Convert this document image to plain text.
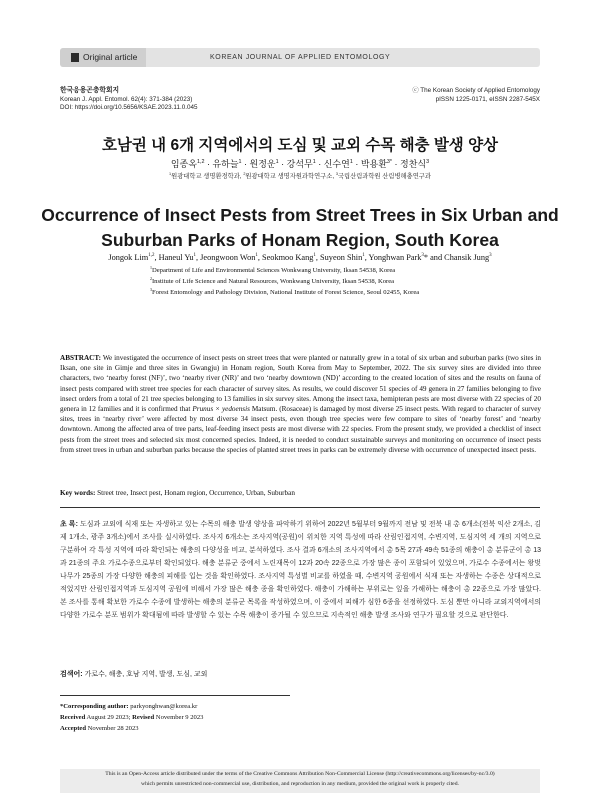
Original article	KOREAN JOURNAL OF APPLIED ENTOMOLOGY
한국응용곤충학회지
Korean J. Appl. Entomol. 62(4): 371-384 (2023)
DOI: https://doi.org/10.5656/KSAE.2023.11.0.045
ⓒ The Korean Society of Applied Entomology
pISSN 1225-0171, eISSN 2287-545X
호남권 내 6개 지역에서의 도심 및 교외 수목 해충 발생 양상
임종옥$^{1,2}$ · 유하늘$^1$ · 원정운$^1$ · 강석무$^1$ · 신수연$^1$ · 박용환$^{3*}$ · 정찬식$^3$
$^1$원광대학교 생명환경학과, $^2$원광대학교 생명자원과학연구소, $^3$국립산림과학원 산림병해충연구과
Occurrence of Insect Pests from Street Trees in Six Urban and
Suburban Parks of Honam Region, South Korea
Jongok Lim$^{1,2}$, Haneul Yu$^1$, Jeongwoon Won$^1$, Seokmoo Kang$^1$, Suyeon Shin$^1$, Yonghwan Park$^3$* and Chansik Jung$^3$
$^1$Department of Life and Environmental Sciences Wonkwang University, Iksan 54538, Korea
$^2$Institute of Life Science and Natural Resources, Wonkwang University, Iksan 54538, Korea
$^3$Forest Entomology and Pathology Division, National Institute of Forest Science, Seoul 02455, Korea
ABSTRACT: We investigated the occurrence of insect pests on street trees that were planted or naturally grew in a total of six urban and suburban parks (two sites in Iksan, one site in Gimje and three sites in Gwangju) in Honam region, South Korea from May to September, 2022. The six survey sites are divided into three characters, two ‘nearby forest (NF)’, two ‘nearby river (NR)’ and two ‘nearby downtown (ND)’ according to the created location of sites and the results on fauna of insect pests compared with street tree species for each character of survey sites. As results, we could discover 51 species of 49 genera in 27 families belonging to five insect orders from a total of 21 tree species belonging to 13 families in six survey sites. Among the insect taxa, hemipteran pests are most diverse with 22 species of 20 genera in 12 families and it is confirmed that Prunus × yedoensis Matsum. (Rosaceae) is damaged by most diverse 25 insect pests. With regard to character of survey sites, trees in ‘nearby river’ were affected by most diverse 34 insect pests, even though tree species were few compare to sites of ‘nearby forest’ and ‘nearby downtown. Among the affected area of tree parts, leaf-feeding insect pests are most diverse with 22 species. From the present study, we provided a checklist of insect pests from the street trees and selected six most concerned species. Indeed, it is needed to conduct sustainable surveys and monitoring on occurrence of insect pests from street trees in urban and suburban parks because the species of planted street trees in parks can be extremely diverse with occurrence of unexpected insect pests.
Key words: Street tree, Insect pest, Honam region, Occurrence, Urban, Suburban
초 록: 도심과 교외에 식재 또는 자생하고 있는 수목의 해충 발생 양상을 파악하기 위하여 2022년 5월부터 9월까지 전남 및 전북 내 총 6개소(전북 익산 2개소, 김제 1개소, 광주 3개소)에서 조사를 실시하였다. 조사지 6개소는 조사지역(공원)이 위치한 지역 특성에 따라 산림인접지역, 수변지역, 도심지역 세 개의 지역으로 구분하여 각 특성 지역에 따라 확인되는 해충의 다양성을 비교, 분석하였다. 조사 결과 6개소의 조사지역에서 총 5목 27과 49속 51종의 해충이 총 분류군이 총 13과 21종의 주요 가로수종으로부터 확인되었다. 해충 분류군 중에서 노린재목이 12과 20속 22종으로 가장 많은 종이 포함되어 있었으며, 가로수 수종에서는 왕벚나무가 25종의 가장 다양한 해충의 피해를 입는 것을 확인하였다. 조사지역 특성별 비교를 하였을 때, 수변지역 공원에서 식재 또는 자생하는 수종은 상대적으로 적었지만 산림인접지역과 도심지역 공원에 비해서 가장 많은 해충 종을 확인하였다. 해충이 가해하는 부위로는 잎을 가해하는 해충이 총 22종으로 가장 많았다. 본 조사를 통해 확보한 가로수 수종에 발생하는 해충의 분류군 목록을 작성하였으며, 이 중에서 피해가 심한 6종을 선정하였다. 도심 뿐만 아니라 교외지역에서의 다양한 가로수 분포 범위가 확대됨에 따라 발생할 수 있는 수목 해충이 증가될 수 있으므로 지속적인 해충 발생 조사와 연구가 필요할 것으로 판단한다.
검색어: 가로수, 해충, 호남 지역, 발생, 도심, 교외
*Corresponding author: parkyonghwan@korea.kr
Received August 29 2023; Revised November 9 2023
Accepted November 28 2023
This is an Open-Access article distributed under the terms of the Creative Commons Attribution Non-Commercial License (http://creativecommons.org/licenses/by-nc/3.0)
which permits unrestricted non-commercial use, distribution, and reproduction in any medium, provided the original work is properly cited.
